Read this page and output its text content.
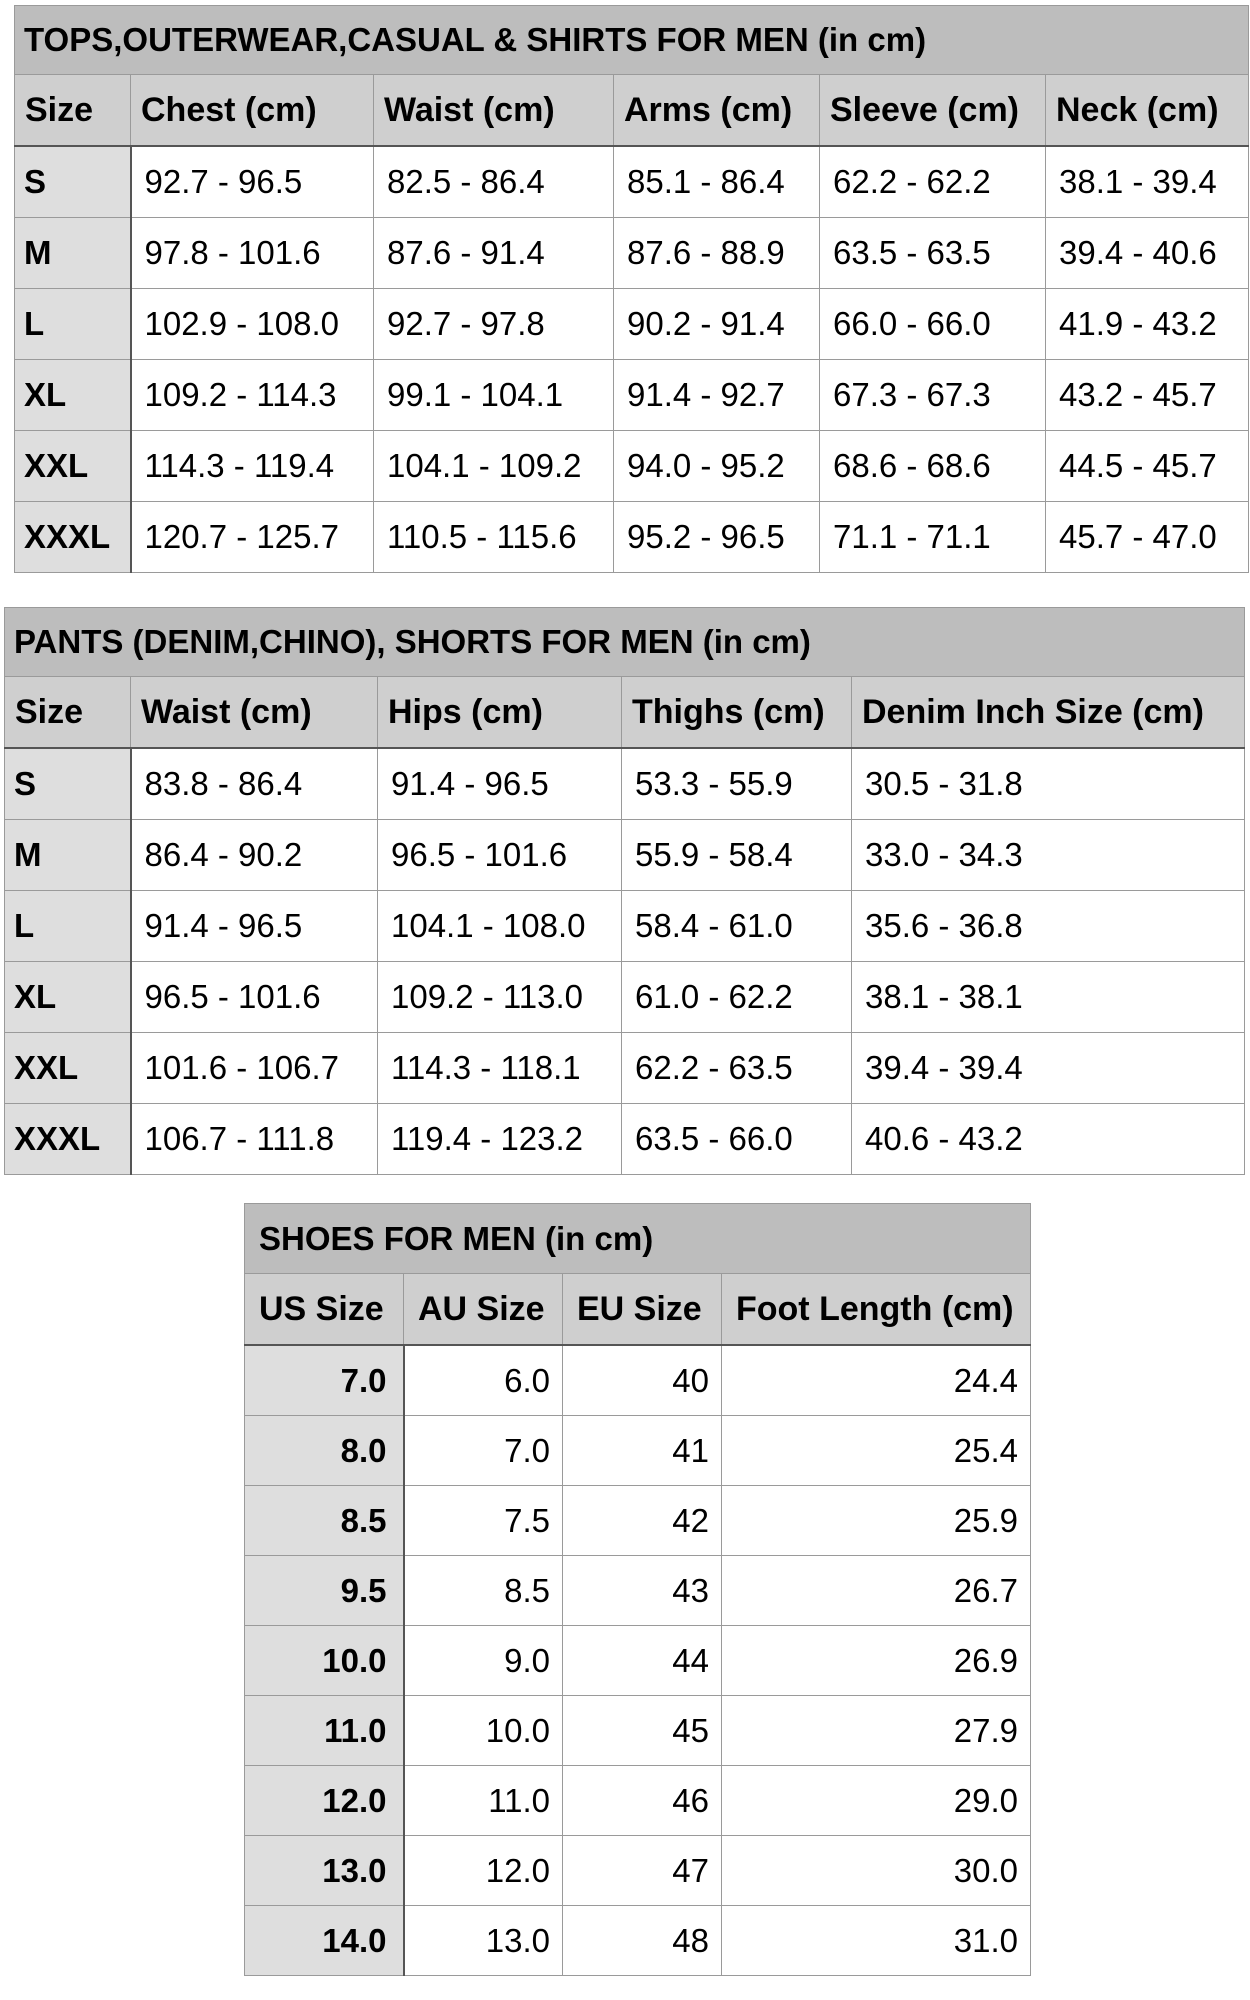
TOPS,OUTERWEAR,CASUAL & SHIRTS FOR MEN (in cm)					
Size	Chest (cm)	Waist (cm)	Arms (cm)	Sleeve (cm)	Neck (cm)
S	92.7 - 96.5	82.5 - 86.4	85.1 - 86.4	62.2 - 62.2	38.1 - 39.4
M	97.8 - 101.6	87.6 - 91.4	87.6 - 88.9	63.5 - 63.5	39.4 - 40.6
L	102.9 - 108.0	92.7 - 97.8	90.2 - 91.4	66.0 - 66.0	41.9 - 43.2
XL	109.2 - 114.3	99.1 - 104.1	91.4 - 92.7	67.3 - 67.3	43.2 - 45.7
XXL	114.3 - 119.4	104.1 - 109.2	94.0 - 95.2	68.6 - 68.6	44.5 - 45.7
XXXL	120.7 - 125.7	110.5 - 115.6	95.2 - 96.5	71.1 - 71.1	45.7 - 47.0
PANTS (DENIM,CHINO), SHORTS FOR MEN (in cm)				
Size	Waist (cm)	Hips (cm)	Thighs (cm)	Denim Inch Size (cm)
S	83.8 - 86.4	91.4 - 96.5	53.3 - 55.9	30.5 - 31.8
M	86.4 - 90.2	96.5 - 101.6	55.9 - 58.4	33.0 - 34.3
L	91.4 - 96.5	104.1 - 108.0	58.4 - 61.0	35.6 - 36.8
XL	96.5 - 101.6	109.2 - 113.0	61.0 - 62.2	38.1 - 38.1
XXL	101.6 - 106.7	114.3 - 118.1	62.2 - 63.5	39.4 - 39.4
XXXL	106.7 - 111.8	119.4 - 123.2	63.5 - 66.0	40.6 - 43.2
SHOES FOR MEN (in cm)			
US Size	AU Size	EU Size	Foot Length (cm)
7.0	6.0	40	24.4
8.0	7.0	41	25.4
8.5	7.5	42	25.9
9.5	8.5	43	26.7
10.0	9.0	44	26.9
11.0	10.0	45	27.9
12.0	11.0	46	29.0
13.0	12.0	47	30.0
14.0	13.0	48	31.0
